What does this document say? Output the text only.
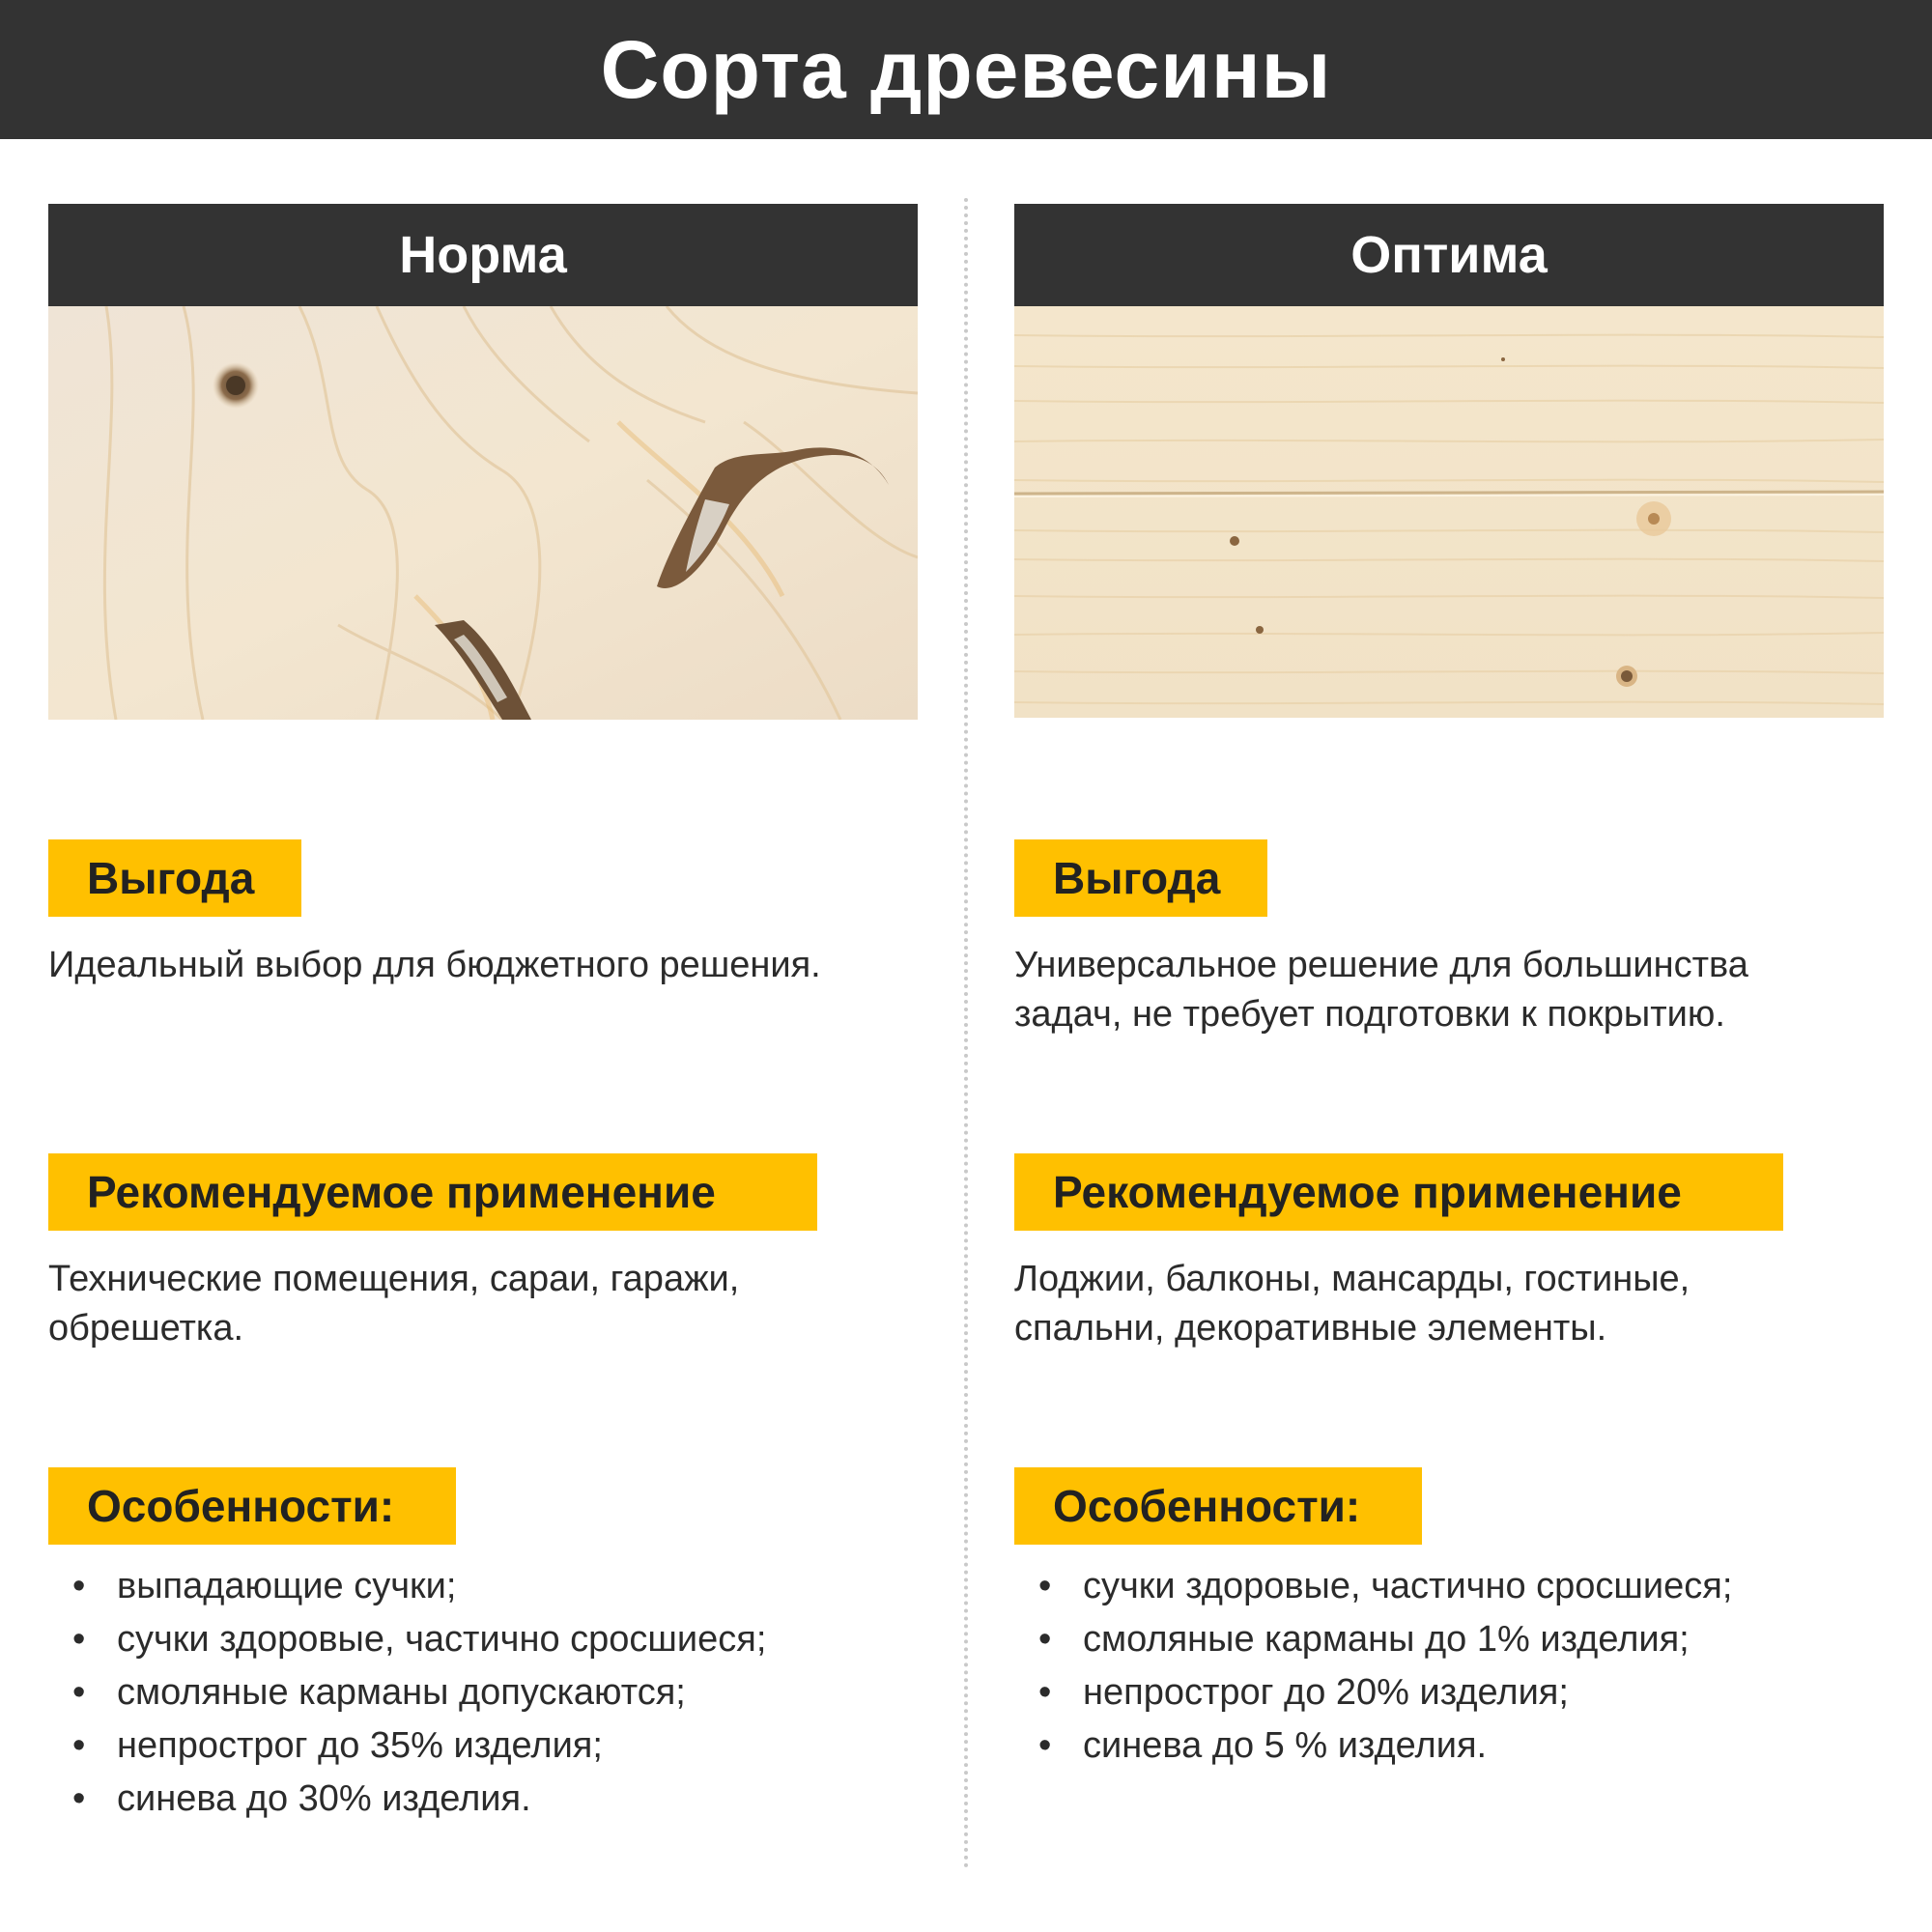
Сорта древесины
Норма
Выгода
Идеальный выбор для бюджетного решения.
Рекомендуемое применение
Технические помещения, сараи, гаражи, обрешетка.
Особенности:
• выпадающие сучки;
• сучки здоровые, частично сросшиеся;
• смоляные карманы допускаются;
• непрострог до 35% изделия;
• синева до 30% изделия.
Оптима
Выгода
Универсальное решение для большинства задач, не требует подготовки к покрытию.
Рекомендуемое применение
Лоджии, балконы, мансарды, гостиные, спальни, декоративные элементы.
Особенности:
• сучки здоровые, частично сросшиеся;
• смоляные карманы до 1% изделия;
• непрострог до 20% изделия;
• синева до 5 % изделия.
